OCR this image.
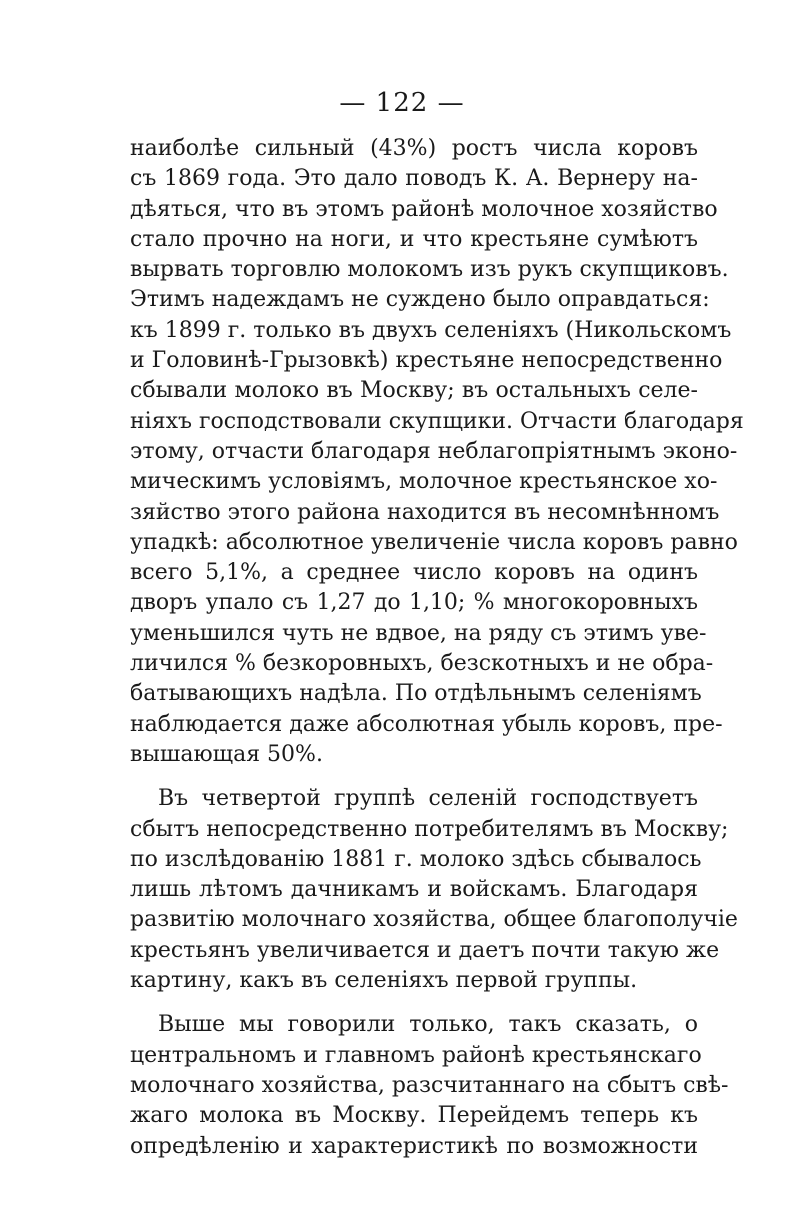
— 122 —
наиболѣе сильный (43%) ростъ числа коровъ
съ 1869 года. Это дало поводъ К. А. Вернеру на-
дѣяться, что въ этомъ районѣ молочное хозяйство
стало прочно на ноги, и что крестьяне сумѣютъ
вырвать торговлю молокомъ изъ рукъ скупщиковъ.
Этимъ надеждамъ не суждено было оправдаться:
къ 1899 г. только въ двухъ селеніяхъ (Никольскомъ
и Головинѣ-Грызовкѣ) крестьяне непосредственно
сбывали молоко въ Москву; въ остальныхъ селе-
ніяхъ господствовали скупщики. Отчасти благодаря
этому, отчасти благодаря неблагопріятнымъ эконо-
мическимъ условіямъ, молочное крестьянское хо-
зяйство этого района находится въ несомнѣнномъ
упадкѣ: абсолютное увеличеніе числа коровъ равно
всего 5,1%, а среднее число коровъ на одинъ
дворъ упало съ 1,27 до 1,10; % многокоровныхъ
уменьшился чуть не вдвое, на ряду съ этимъ уве-
личился % безкоровныхъ, безскотныхъ и не обра-
батывающихъ надѣла. По отдѣльнымъ селеніямъ
наблюдается даже абсолютная убыль коровъ, пре-
вышающая 50%.
Въ четвертой группѣ селеній господствуетъ
сбытъ непосредственно потребителямъ въ Москву;
по изслѣдованію 1881 г. молоко здѣсь сбывалось
лишь лѣтомъ дачникамъ и войскамъ. Благодаря
развитію молочнаго хозяйства, общее благополучіе
крестьянъ увеличивается и даетъ почти такую же
картину, какъ въ селеніяхъ первой группы.
Выше мы говорили только, такъ сказать, о
центральномъ и главномъ районѣ крестьянскаго
молочнаго хозяйства, разсчитаннаго на сбытъ свѣ-
жаго молока въ Москву. Перейдемъ теперь къ
опредѣленію и характеристикѣ по возможности
